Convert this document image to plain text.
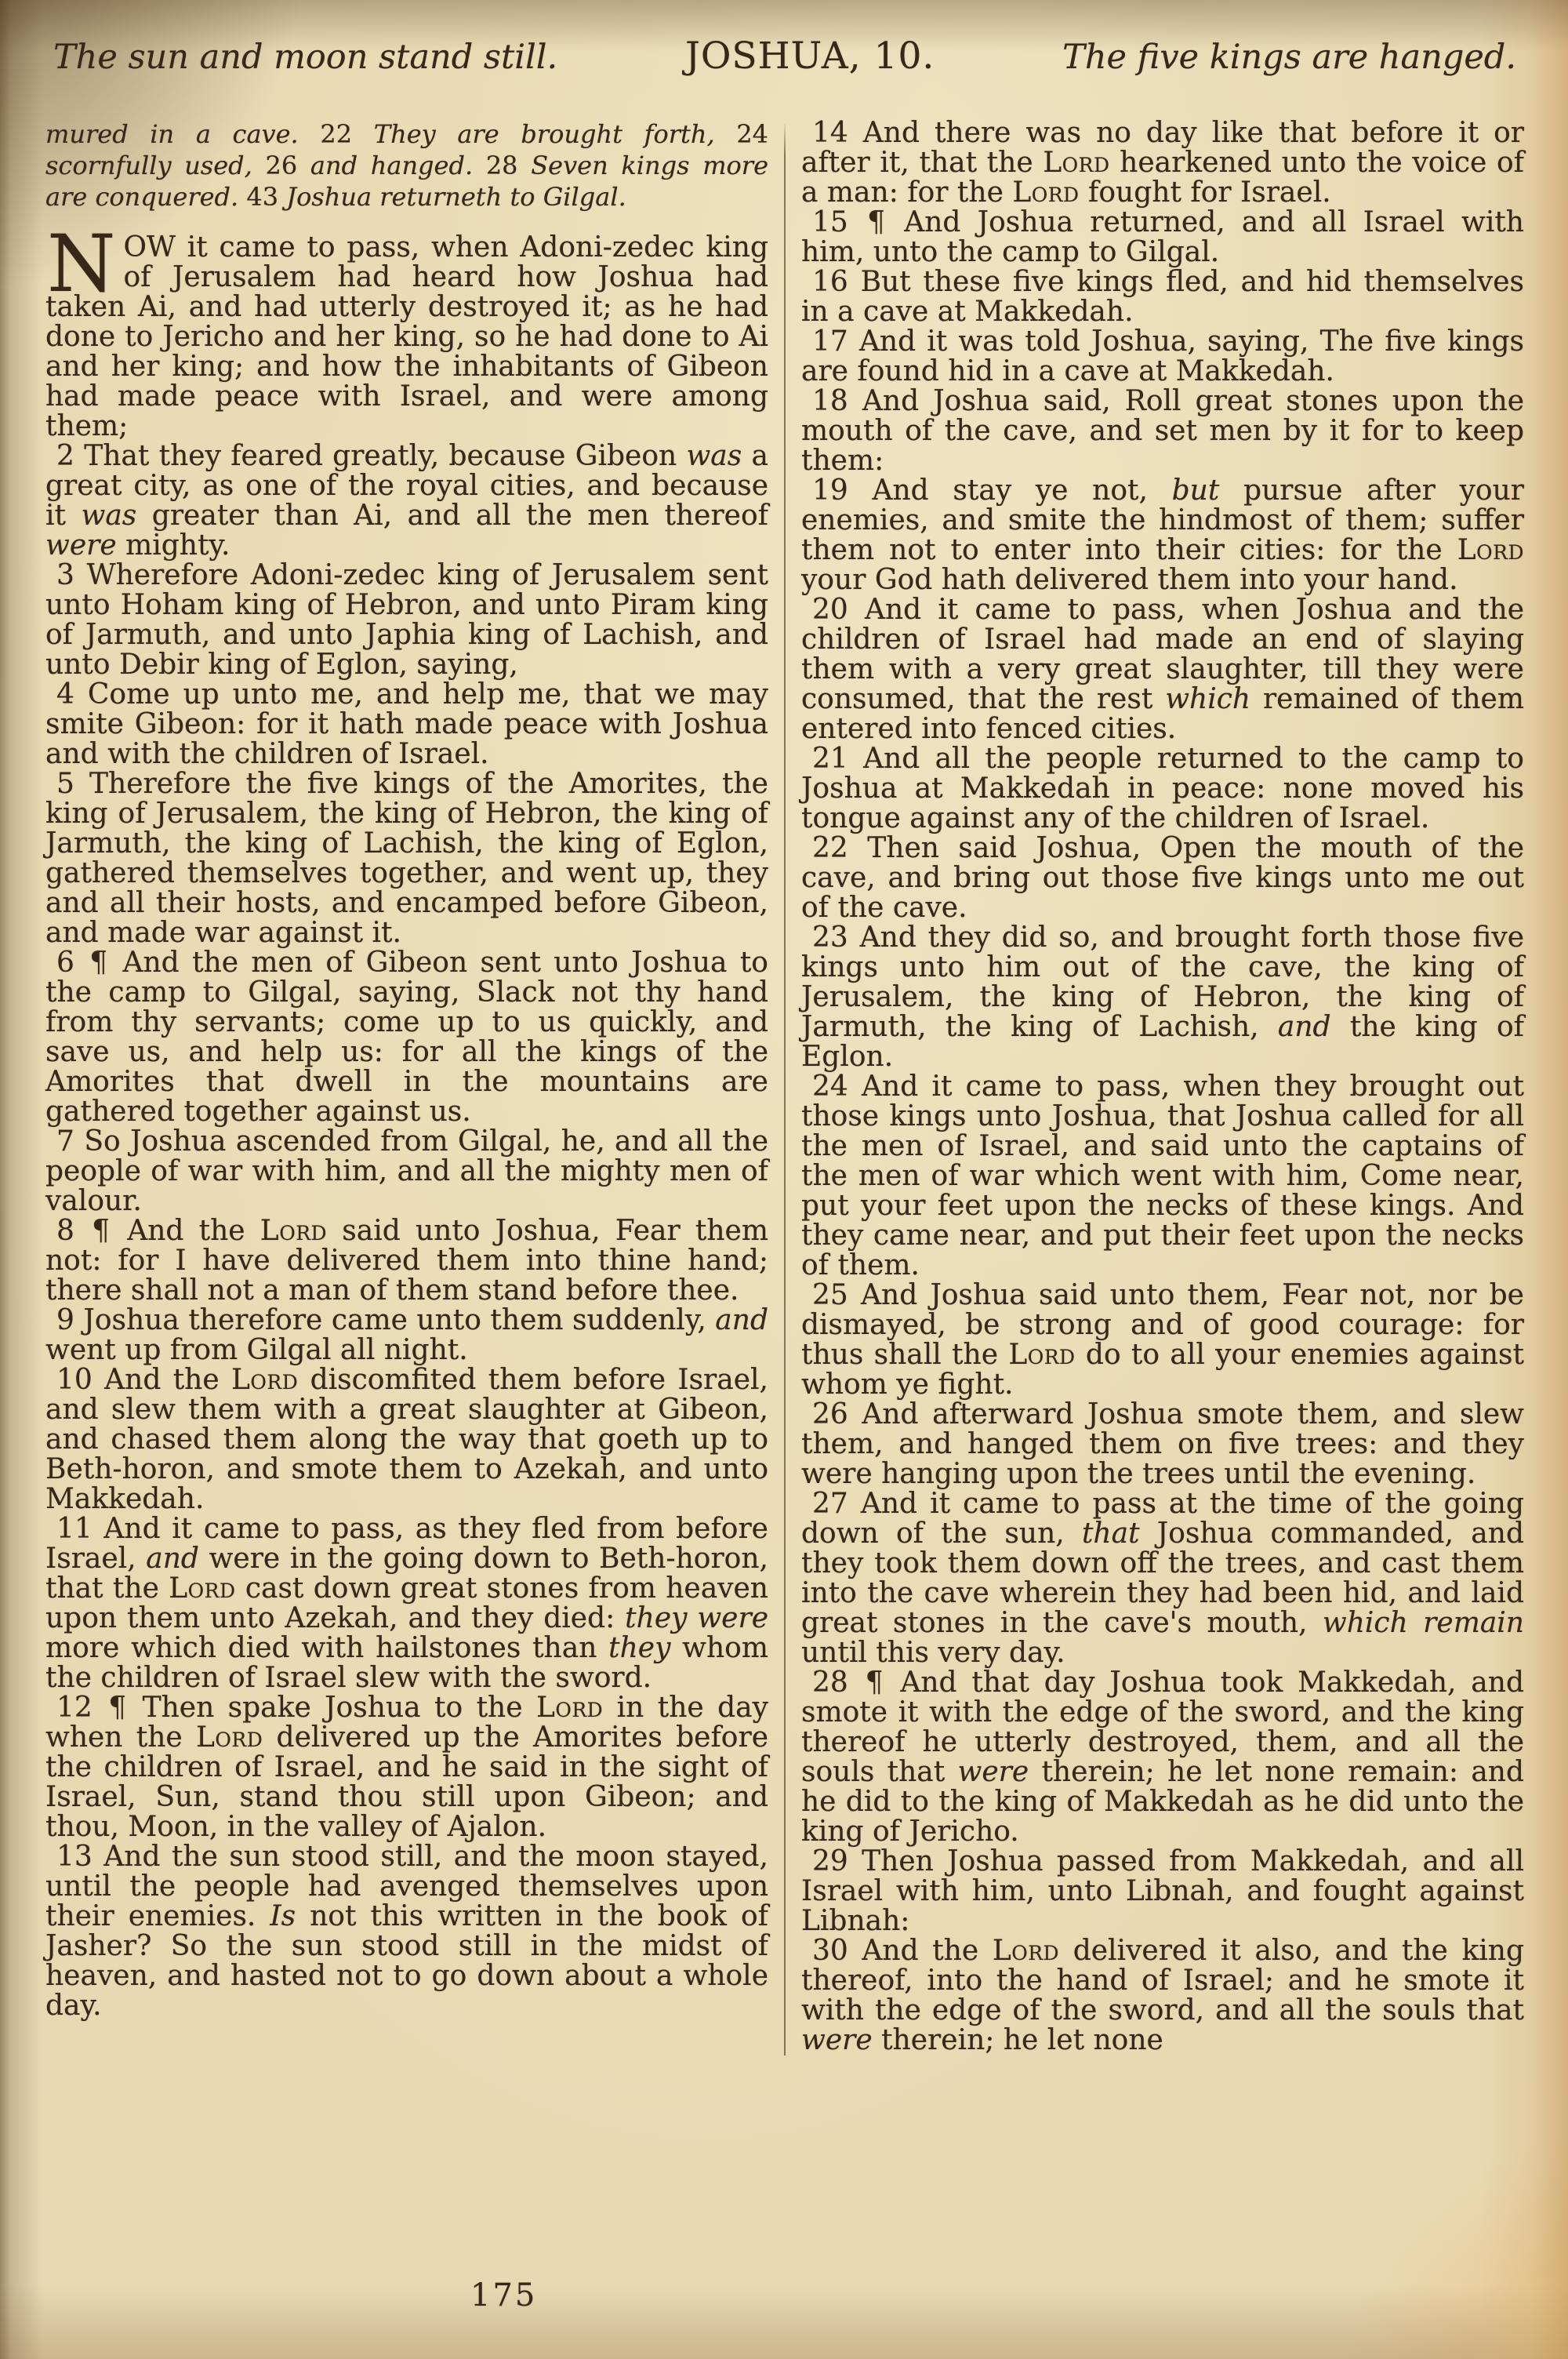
The sun and moon stand still.	JOSHUA, 10.	The five kings are hanged.

mured in a cave. 22 They are brought forth, 24 scornfully used, 26 and hanged. 28 Seven kings more are conquered. 43 Joshua returneth to Gilgal.

NOW it came to pass, when Adoni-zedec king of Jerusalem had heard how Joshua had taken Ai, and had utterly destroyed it; as he had done to Jericho and her king, so he had done to Ai and her king; and how the inhabitants of Gibeon had made peace with Israel, and were among them;

2 That they feared greatly, because Gibeon was a great city, as one of the royal cities, and because it was greater than Ai, and all the men thereof were mighty.

3 Wherefore Adoni-zedec king of Jerusalem sent unto Hoham king of Hebron, and unto Piram king of Jarmuth, and unto Japhia king of Lachish, and unto Debir king of Eglon, saying,

4 Come up unto me, and help me, that we may smite Gibeon: for it hath made peace with Joshua and with the children of Israel.

5 Therefore the five kings of the Amorites, the king of Jerusalem, the king of Hebron, the king of Jarmuth, the king of Lachish, the king of Eglon, gathered themselves together, and went up, they and all their hosts, and encamped before Gibeon, and made war against it.

6 ¶ And the men of Gibeon sent unto Joshua to the camp to Gilgal, saying, Slack not thy hand from thy servants; come up to us quickly, and save us, and help us: for all the kings of the Amorites that dwell in the mountains are gathered together against us.

7 So Joshua ascended from Gilgal, he, and all the people of war with him, and all the mighty men of valour.

8 ¶ And the Lord said unto Joshua, Fear them not: for I have delivered them into thine hand; there shall not a man of them stand before thee.

9 Joshua therefore came unto them suddenly, and went up from Gilgal all night.

10 And the Lord discomfited them before Israel, and slew them with a great slaughter at Gibeon, and chased them along the way that goeth up to Beth-horon, and smote them to Azekah, and unto Makkedah.

11 And it came to pass, as they fled from before Israel, and were in the going down to Beth-horon, that the Lord cast down great stones from heaven upon them unto Azekah, and they died: they were more which died with hailstones than they whom the children of Israel slew with the sword.

12 ¶ Then spake Joshua to the Lord in the day when the Lord delivered up the Amorites before the children of Israel, and he said in the sight of Israel, Sun, stand thou still upon Gibeon; and thou, Moon, in the valley of Ajalon.

13 And the sun stood still, and the moon stayed, until the people had avenged themselves upon their enemies. Is not this written in the book of Jasher? So the sun stood still in the midst of heaven, and hasted not to go down about a whole day.

14 And there was no day like that before it or after it, that the Lord hearkened unto the voice of a man: for the Lord fought for Israel.

15 ¶ And Joshua returned, and all Israel with him, unto the camp to Gilgal.

16 But these five kings fled, and hid themselves in a cave at Makkedah.

17 And it was told Joshua, saying, The five kings are found hid in a cave at Makkedah.

18 And Joshua said, Roll great stones upon the mouth of the cave, and set men by it for to keep them:

19 And stay ye not, but pursue after your enemies, and smite the hindmost of them; suffer them not to enter into their cities: for the Lord your God hath delivered them into your hand.

20 And it came to pass, when Joshua and the children of Israel had made an end of slaying them with a very great slaughter, till they were consumed, that the rest which remained of them entered into fenced cities.

21 And all the people returned to the camp to Joshua at Makkedah in peace: none moved his tongue against any of the children of Israel.

22 Then said Joshua, Open the mouth of the cave, and bring out those five kings unto me out of the cave.

23 And they did so, and brought forth those five kings unto him out of the cave, the king of Jerusalem, the king of Hebron, the king of Jarmuth, the king of Lachish, and the king of Eglon.

24 And it came to pass, when they brought out those kings unto Joshua, that Joshua called for all the men of Israel, and said unto the captains of the men of war which went with him, Come near, put your feet upon the necks of these kings. And they came near, and put their feet upon the necks of them.

25 And Joshua said unto them, Fear not, nor be dismayed, be strong and of good courage: for thus shall the Lord do to all your enemies against whom ye fight.

26 And afterward Joshua smote them, and slew them, and hanged them on five trees: and they were hanging upon the trees until the evening.

27 And it came to pass at the time of the going down of the sun, that Joshua commanded, and they took them down off the trees, and cast them into the cave wherein they had been hid, and laid great stones in the cave's mouth, which remain until this very day.

28 ¶ And that day Joshua took Makkedah, and smote it with the edge of the sword, and the king thereof he utterly destroyed, them, and all the souls that were therein; he let none remain: and he did to the king of Makkedah as he did unto the king of Jericho.

29 Then Joshua passed from Makkedah, and all Israel with him, unto Libnah, and fought against Libnah:

30 And the Lord delivered it also, and the king thereof, into the hand of Israel; and he smote it with the edge of the sword, and all the souls that were therein; he let none

175
